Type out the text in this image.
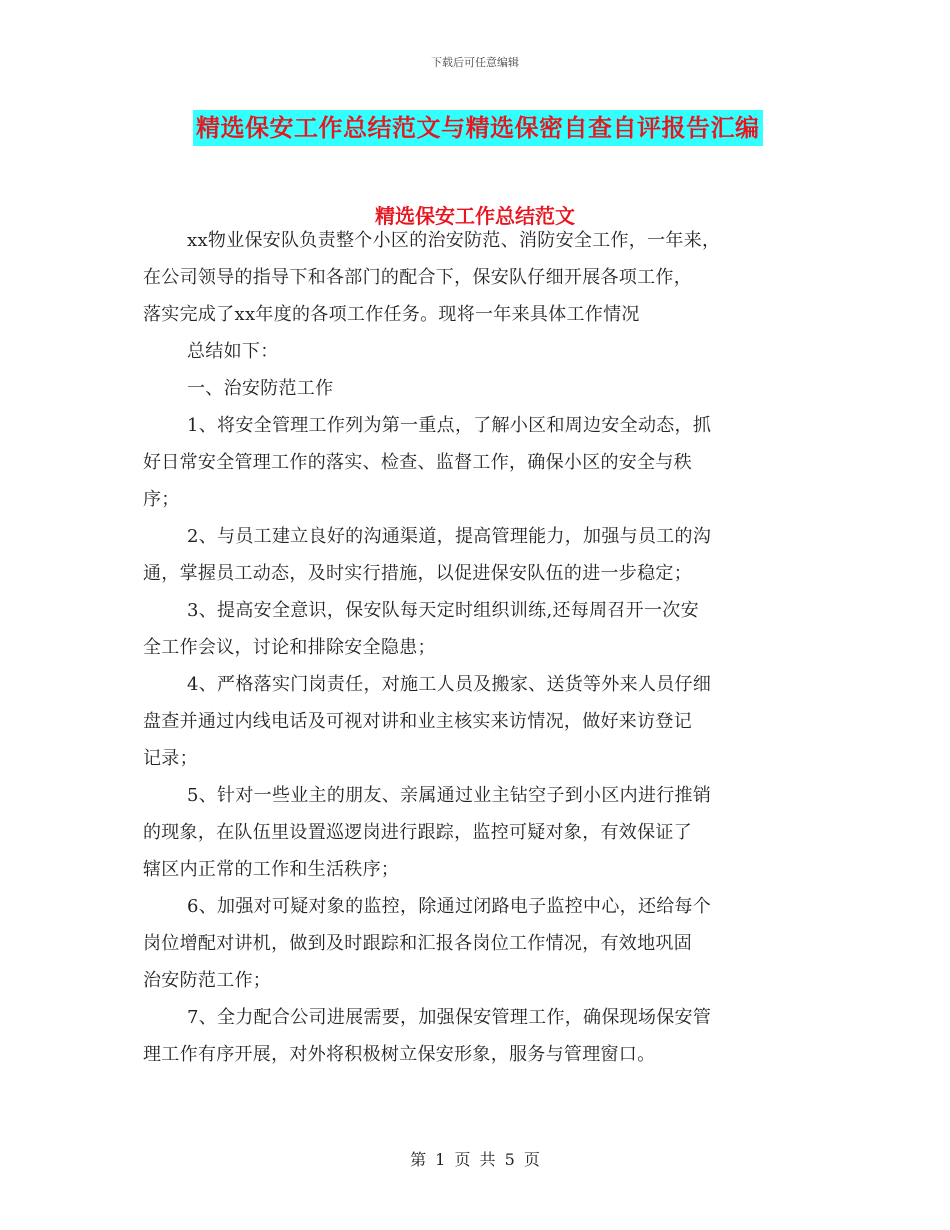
下载后可任意编辑
精选保安工作总结范文与精选保密自查自评报告汇编
精选保安工作总结范文
xx物业保安队负责整个小区的治安防范、消防安全工作，一年来，
在公司领导的指导下和各部门的配合下，保安队仔细开展各项工作，
落实完成了xx年度的各项工作任务。现将一年来具体工作情况
总结如下：
一、治安防范工作
1、将安全管理工作列为第一重点，了解小区和周边安全动态，抓
好日常安全管理工作的落实、检查、监督工作，确保小区的安全与秩
序；
2、与员工建立良好的沟通渠道，提高管理能力，加强与员工的沟
通，掌握员工动态，及时实行措施，以促进保安队伍的进一步稳定；
3、提高安全意识，保安队每天定时组织训练,还每周召开一次安
全工作会议，讨论和排除安全隐患；
4、严格落实门岗责任，对施工人员及搬家、送货等外来人员仔细
盘查并通过内线电话及可视对讲和业主核实来访情况，做好来访登记
记录；
5、针对一些业主的朋友、亲属通过业主钻空子到小区内进行推销
的现象，在队伍里设置巡逻岗进行跟踪，监控可疑对象，有效保证了
辖区内正常的工作和生活秩序；
6、加强对可疑对象的监控，除通过闭路电子监控中心，还给每个
岗位增配对讲机，做到及时跟踪和汇报各岗位工作情况，有效地巩固
治安防范工作；
7、全力配合公司进展需要，加强保安管理工作，确保现场保安管
理工作有序开展，对外将积极树立保安形象，服务与管理窗口。
第 1 页 共 5 页
